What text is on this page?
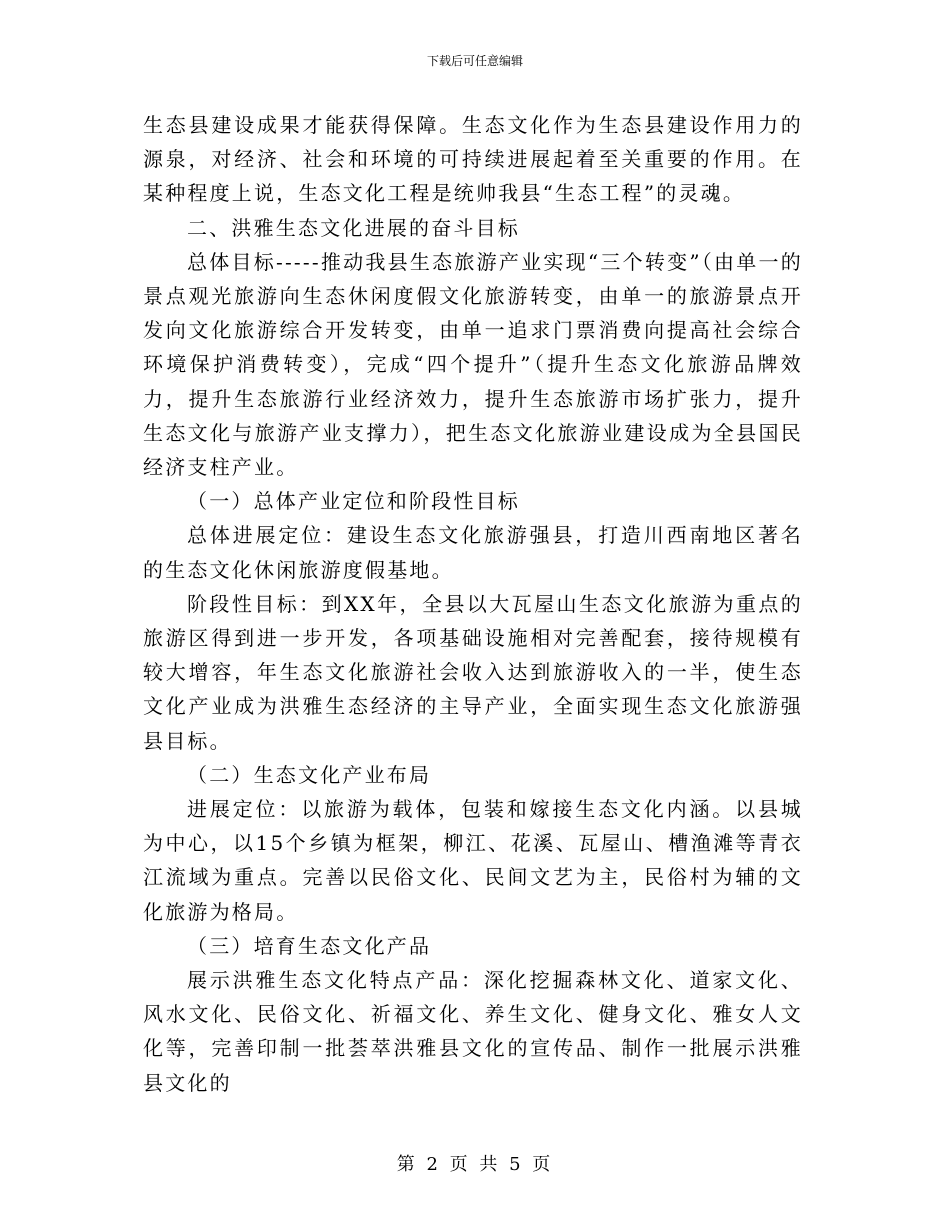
下载后可任意编辑

生态县建设成果才能获得保障。生态文化作为生态县建设作用力的源泉，对经济、社会和环境的可持续进展起着至关重要的作用。在某种程度上说，生态文化工程是统帅我县“生态工程”的灵魂。

二、洪雅生态文化进展的奋斗目标

总体目标-----推动我县生态旅游产业实现“三个转变”（由单一的景点观光旅游向生态休闲度假文化旅游转变，由单一的旅游景点开发向文化旅游综合开发转变，由单一追求门票消费向提高社会综合环境保护消费转变），完成“四个提升”（提升生态文化旅游品牌效力，提升生态旅游行业经济效力，提升生态旅游市场扩张力，提升生态文化与旅游产业支撑力），把生态文化旅游业建设成为全县国民经济支柱产业。

（一）总体产业定位和阶段性目标

总体进展定位：建设生态文化旅游强县，打造川西南地区著名的生态文化休闲旅游度假基地。

阶段性目标：到XX年，全县以大瓦屋山生态文化旅游为重点的旅游区得到进一步开发，各项基础设施相对完善配套，接待规模有较大增容，年生态文化旅游社会收入达到旅游收入的一半，使生态文化产业成为洪雅生态经济的主导产业，全面实现生态文化旅游强县目标。

（二）生态文化产业布局

进展定位：以旅游为载体，包装和嫁接生态文化内涵。以县城为中心，以15个乡镇为框架，柳江、花溪、瓦屋山、槽渔滩等青衣江流域为重点。完善以民俗文化、民间文艺为主，民俗村为辅的文化旅游为格局。

（三）培育生态文化产品

展示洪雅生态文化特点产品：深化挖掘森林文化、道家文化、风水文化、民俗文化、祈福文化、养生文化、健身文化、雅女人文化等，完善印制一批荟萃洪雅县文化的宣传品、制作一批展示洪雅县文化的

第 2 页 共 5 页
